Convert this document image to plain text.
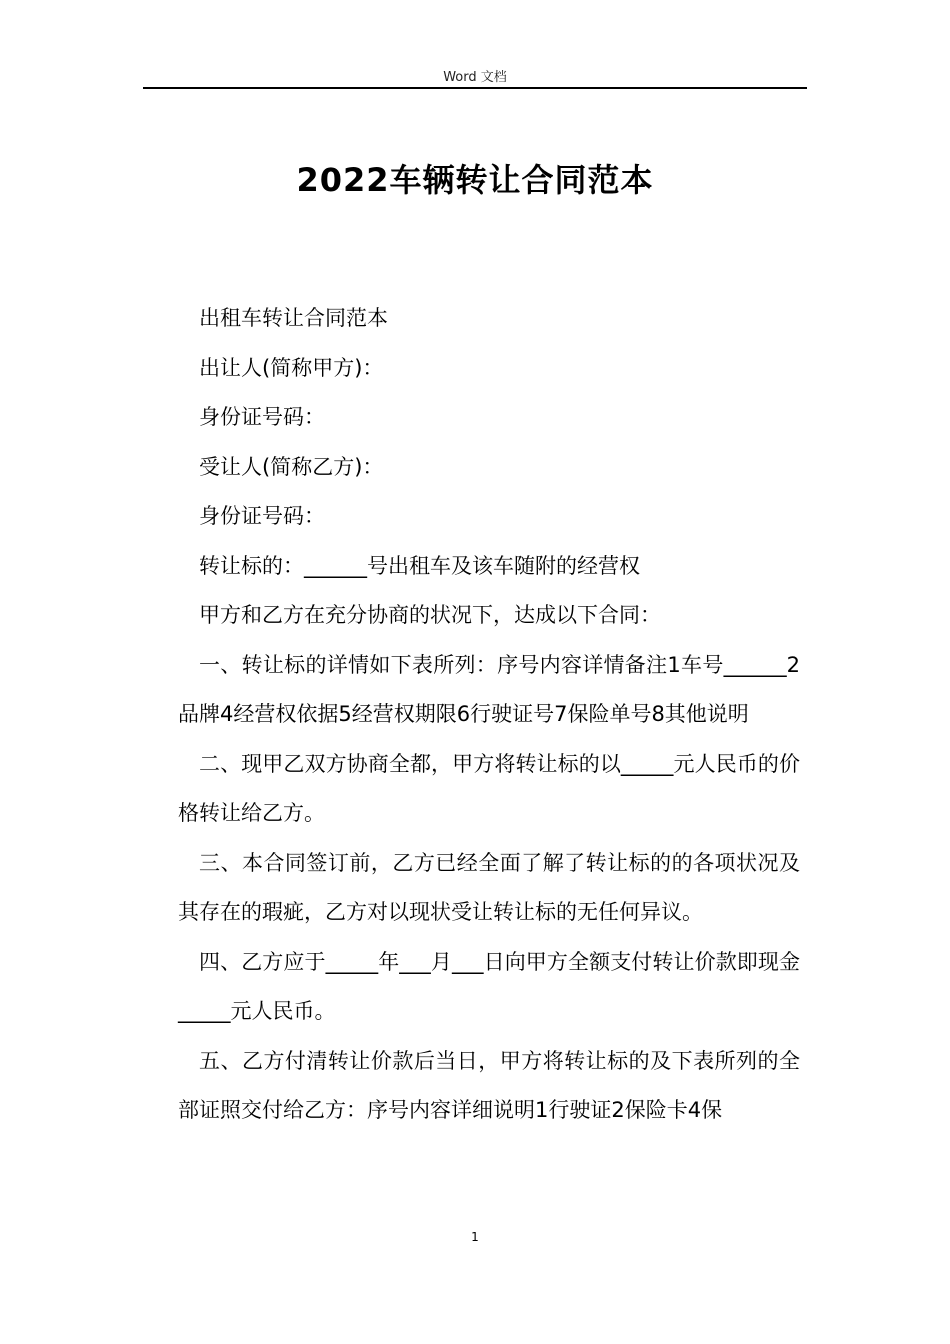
Word 文档
2022车辆转让合同范本

出租车转让合同范本

出让人(简称甲方)：

身份证号码：

受让人(简称乙方)：

身份证号码：

转让标的：______号出租车及该车随附的经营权

甲方和乙方在充分协商的状况下，达成以下合同：

一、转让标的详情如下表所列：序号内容详情备注1车号______2品牌4经营权依据5经营权期限6行驶证号7保险单号8其他说明

二、现甲乙双方协商全都，甲方将转让标的以_____元人民币的价格转让给乙方。

三、本合同签订前，乙方已经全面了解了转让标的的各项状况及其存在的瑕疵，乙方对以现状受让转让标的无任何异议。

四、乙方应于_____年___月___日向甲方全额支付转让价款即现金_____元人民币。

五、乙方付清转让价款后当日，甲方将转让标的及下表所列的全部证照交付给乙方：序号内容详细说明1行驶证2保险卡4保

1
